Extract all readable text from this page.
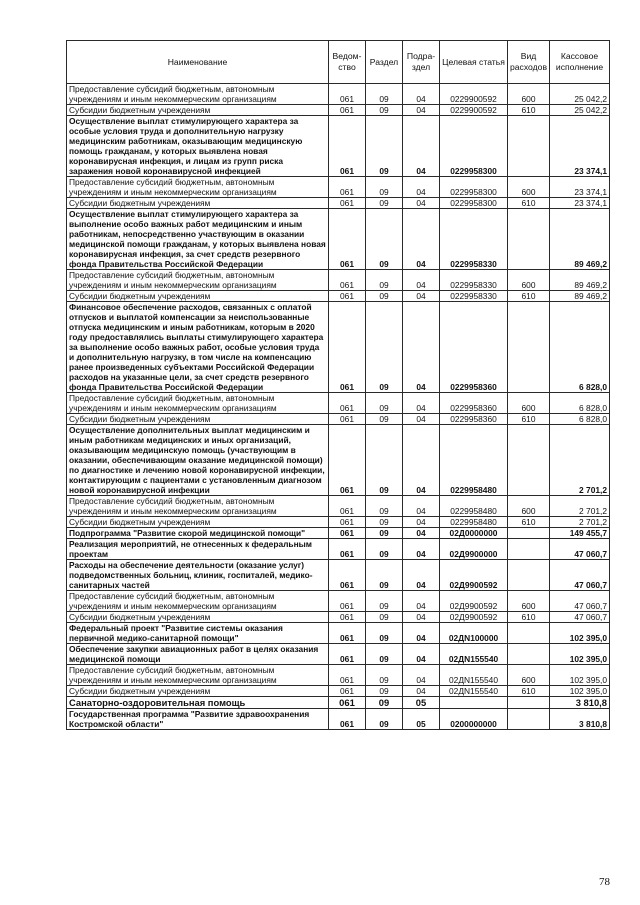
Наименование	Ведом-ство	Раздел	Подра-здел	Целевая статья	Вид расходов	Кассовое исполнение
Предоставление субсидий бюджетным, автономным учреждениям и иным некоммерческим организациям	061	09	04	0229900592	600	25 042,2
Субсидии бюджетным учреждениям	061	09	04	0229900592	610	25 042,2
Осуществление выплат стимулирующего характера за особые условия труда и дополнительную нагрузку медицинским работникам, оказывающим медицинскую помощь гражданам, у которых выявлена новая коронавирусная инфекция, и лицам из групп риска заражения новой коронавирусной инфекцией	061	09	04	0229958300		23 374,1
Предоставление субсидий бюджетным, автономным учреждениям и иным некоммерческим организациям	061	09	04	0229958300	600	23 374,1
Субсидии бюджетным учреждениям	061	09	04	0229958300	610	23 374,1
Осуществление выплат стимулирующего характера за выполнение особо важных работ медицинским и иным работникам, непосредственно участвующим в оказании медицинской помощи гражданам, у которых выявлена новая коронавирусная инфекция, за счет средств резервного фонда Правительства Российской Федерации	061	09	04	0229958330		89 469,2
Предоставление субсидий бюджетным, автономным учреждениям и иным некоммерческим организациям	061	09	04	0229958330	600	89 469,2
Субсидии бюджетным учреждениям	061	09	04	0229958330	610	89 469,2
Финансовое обеспечение расходов, связанных с оплатой отпусков и выплатой компенсации за неиспользованные отпуска медицинским и иным работникам, которым в 2020 году предоставлялись выплаты стимулирующего характера за выполнение особо важных работ, особые условия труда и дополнительную нагрузку, в том числе на компенсацию ранее произведенных субъектами Российской Федерации расходов на указанные цели, за счет средств резервного фонда Правительства Российской Федерации	061	09	04	0229958360		6 828,0
Предоставление субсидий бюджетным, автономным учреждениям и иным некоммерческим организациям	061	09	04	0229958360	600	6 828,0
Субсидии бюджетным учреждениям	061	09	04	0229958360	610	6 828,0
Осуществление дополнительных выплат медицинским и иным работникам медицинских и иных организаций, оказывающим медицинскую помощь (участвующим в оказании, обеспечивающим оказание медицинской помощи) по диагностике и лечению новой коронавирусной инфекции, контактирующим с пациентами с установленным диагнозом новой коронавирусной инфекции	061	09	04	0229958480		2 701,2
Предоставление субсидий бюджетным, автономным учреждениям и иным некоммерческим организациям	061	09	04	0229958480	600	2 701,2
Субсидии бюджетным учреждениям	061	09	04	0229958480	610	2 701,2
Подпрограмма "Развитие скорой медицинской помощи"	061	09	04	02Д0000000		149 455,7
Реализация мероприятий, не отнесенных к федеральным проектам	061	09	04	02Д9900000		47 060,7
Расходы на обеспечение деятельности (оказание услуг) подведомственных больниц, клиник, госпиталей, медико-санитарных частей	061	09	04	02Д9900592		47 060,7
Предоставление субсидий бюджетным, автономным учреждениям и иным некоммерческим организациям	061	09	04	02Д9900592	600	47 060,7
Субсидии бюджетным учреждениям	061	09	04	02Д9900592	610	47 060,7
Федеральный проект "Развитие системы оказания первичной медико-санитарной помощи"	061	09	04	02ДN100000		102 395,0
Обеспечение закупки авиационных работ в целях оказания медицинской помощи	061	09	04	02ДN155540		102 395,0
Предоставление субсидий бюджетным, автономным учреждениям и иным некоммерческим организациям	061	09	04	02ДN155540	600	102 395,0
Субсидии бюджетным учреждениям	061	09	04	02ДN155540	610	102 395,0
Санаторно-оздоровительная помощь	061	09	05			3 810,8
Государственная программа "Развитие здравоохранения Костромской области"	061	09	05	0200000000		3 810,8
78
